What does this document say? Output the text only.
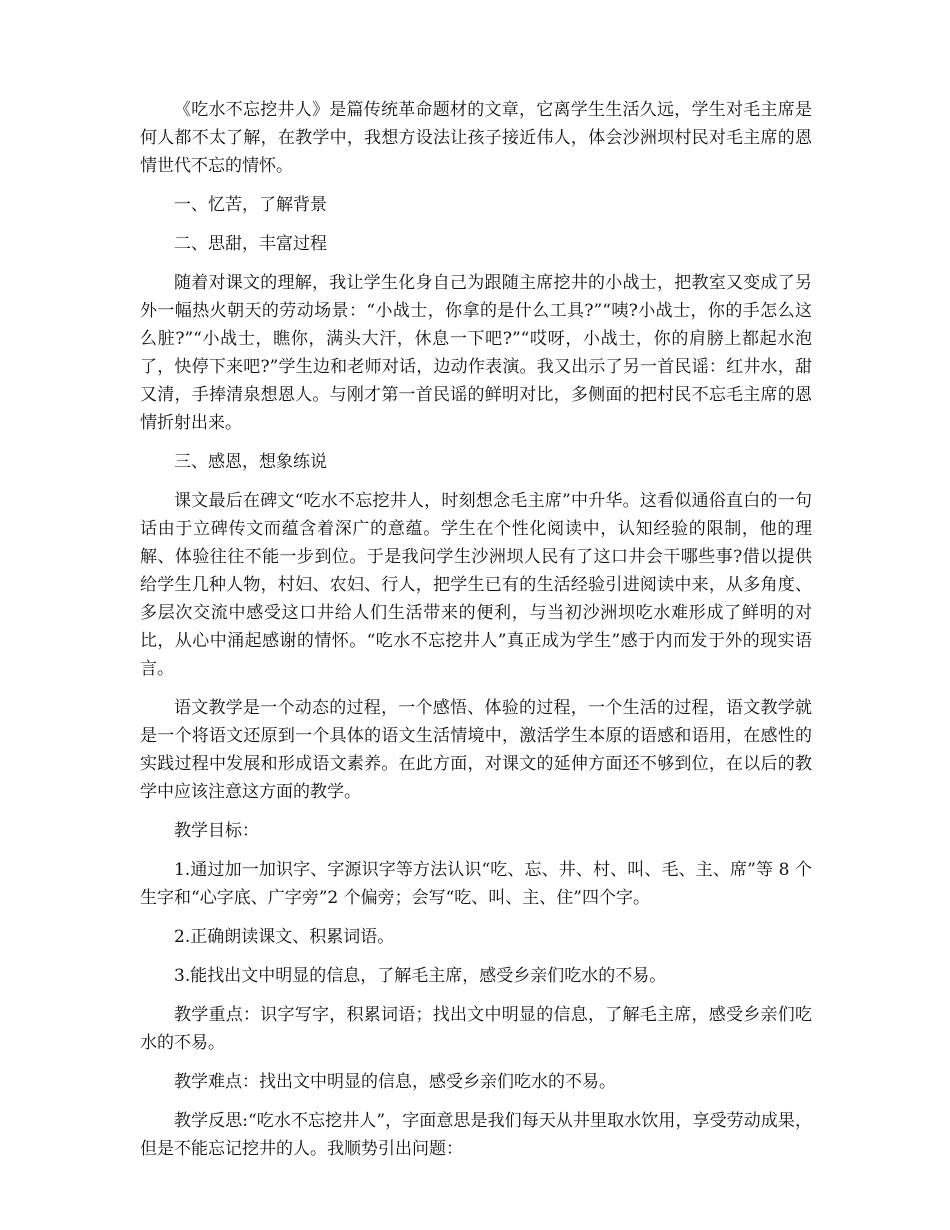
《吃水不忘挖井人》是篇传统革命题材的文章，它离学生生活久远，学生对毛主席是何人都不太了解，在教学中，我想方设法让孩子接近伟人，体会沙洲坝村民对毛主席的恩情世代不忘的情怀。

一、忆苦，了解背景

二、思甜，丰富过程

随着对课文的理解，我让学生化身自己为跟随主席挖井的小战士，把教室又变成了另外一幅热火朝天的劳动场景：“小战士，你拿的是什么工具?”“咦?小战士，你的手怎么这么脏?”“小战士，瞧你，满头大汗，休息一下吧?”“哎呀，小战士，你的肩膀上都起水泡了，快停下来吧?”学生边和老师对话，边动作表演。我又出示了另一首民谣：红井水，甜又清，手捧清泉想恩人。与刚才第一首民谣的鲜明对比，多侧面的把村民不忘毛主席的恩情折射出来。

三、感恩，想象练说

课文最后在碑文“吃水不忘挖井人，时刻想念毛主席”中升华。这看似通俗直白的一句话由于立碑传文而蕴含着深广的意蕴。学生在个性化阅读中，认知经验的限制，他的理解、体验往往不能一步到位。于是我问学生沙洲坝人民有了这口井会干哪些事?借以提供给学生几种人物，村妇、农妇、行人，把学生已有的生活经验引进阅读中来，从多角度、多层次交流中感受这口井给人们生活带来的便利，与当初沙洲坝吃水难形成了鲜明的对比，从心中涌起感谢的情怀。“吃水不忘挖井人”真正成为学生”感于内而发于外的现实语言。

语文教学是一个动态的过程，一个感悟、体验的过程，一个生活的过程，语文教学就是一个将语文还原到一个具体的语文生活情境中，激活学生本原的语感和语用，在感性的实践过程中发展和形成语文素养。在此方面，对课文的延伸方面还不够到位，在以后的教学中应该注意这方面的教学。

教学目标：

1.通过加一加识字、字源识字等方法认识“吃、忘、井、村、叫、毛、主、席”等 8 个生字和“心字底、广字旁”2 个偏旁；会写“吃、叫、主、住”四个字。

2.正确朗读课文、积累词语。

3.能找出文中明显的信息，了解毛主席，感受乡亲们吃水的不易。

教学重点：识字写字，积累词语；找出文中明显的信息，了解毛主席，感受乡亲们吃水的不易。

教学难点：找出文中明显的信息，感受乡亲们吃水的不易。

教学反思:“吃水不忘挖井人”，字面意思是我们每天从井里取水饮用，享受劳动成果，但是不能忘记挖井的人。我顺势引出问题：
